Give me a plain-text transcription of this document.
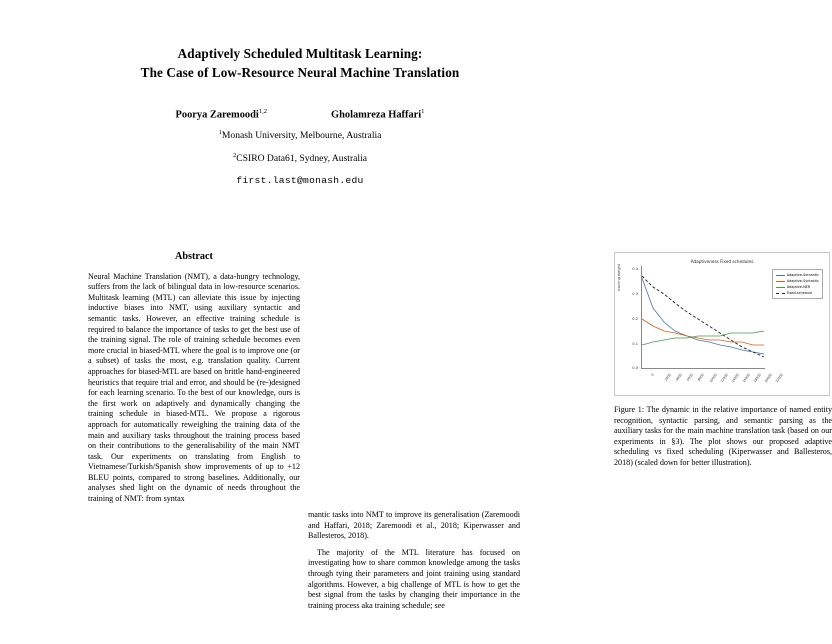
Adaptively Scheduled Multitask Learning:
The Case of Low-Resource Neural Machine Translation
Poorya Zaremoodi$^{1,2}$	Gholamreza Haffari$^1$
$^1$Monash University, Melbourne, Australia
$^2$CSIRO Data61, Sydney, Australia
first.last@monash.edu
Abstract

Neural Machine Translation (NMT), a data-hungry technology, suffers from the lack of bilingual data in low-resource scenarios. Multitask learning (MTL) can alleviate this issue by injecting inductive biases into NMT, using auxiliary syntactic and semantic tasks. However, an effective training schedule is required to balance the importance of tasks to get the best use of the training signal. The role of training schedule becomes even more crucial in biased-MTL where the goal is to improve one (or a subset) of tasks the most, e.g. translation quality. Current approaches for biased-MTL are based on brittle hand-engineered heuristics that require trial and error, and should be (re-)designed for each learning scenario. To the best of our knowledge, ours is the first work on adaptively and dynamically changing the training schedule in biased-MTL. We propose a rigorous approach for automatically reweighing the training data of the main and auxiliary tasks throughout the training process based on their contributions to the generalisability of the main NMT task. Our experiments on translating from English to Vietnamese/Turkish/Spanish show improvements of up to +12 BLEU points, compared to strong baselines. Additionally, our analyses shed light on the dynamic of needs throughout the training of NMT: from syntax

Adaptiveness Fixed schedules
training weight	0.4
0.3
0.2
0.1
0.0
0	2000 4000 6000 8000	10000 12000 14000 16000 18000 20000 22000
Adaptive-Semantic
Adaptive-Syntactic
Adaptive-NER
Fixed-schedule
Figure 1: The dynamic in the relative importance of named entity recognition, syntactic parsing, and semantic parsing as the auxiliary tasks for the main machine translation task (based on our experiments in §3). The plot shows our proposed adaptive scheduling vs fixed scheduling (Kiperwasser and Ballesteros, 2018) (scaled down for better illustration).

mantic tasks into NMT to improve its generalisation (Zaremoodi and Haffari, 2018; Zaremoodi et al., 2018; Kiperwasser and Ballesteros, 2018).

The majority of the MTL literature has focused on investigating how to share common knowledge among the tasks through tying their parameters and joint training using standard algorithms. However, a big challenge of MTL is how to get the best signal from the tasks by changing their importance in the training process aka training schedule; see
